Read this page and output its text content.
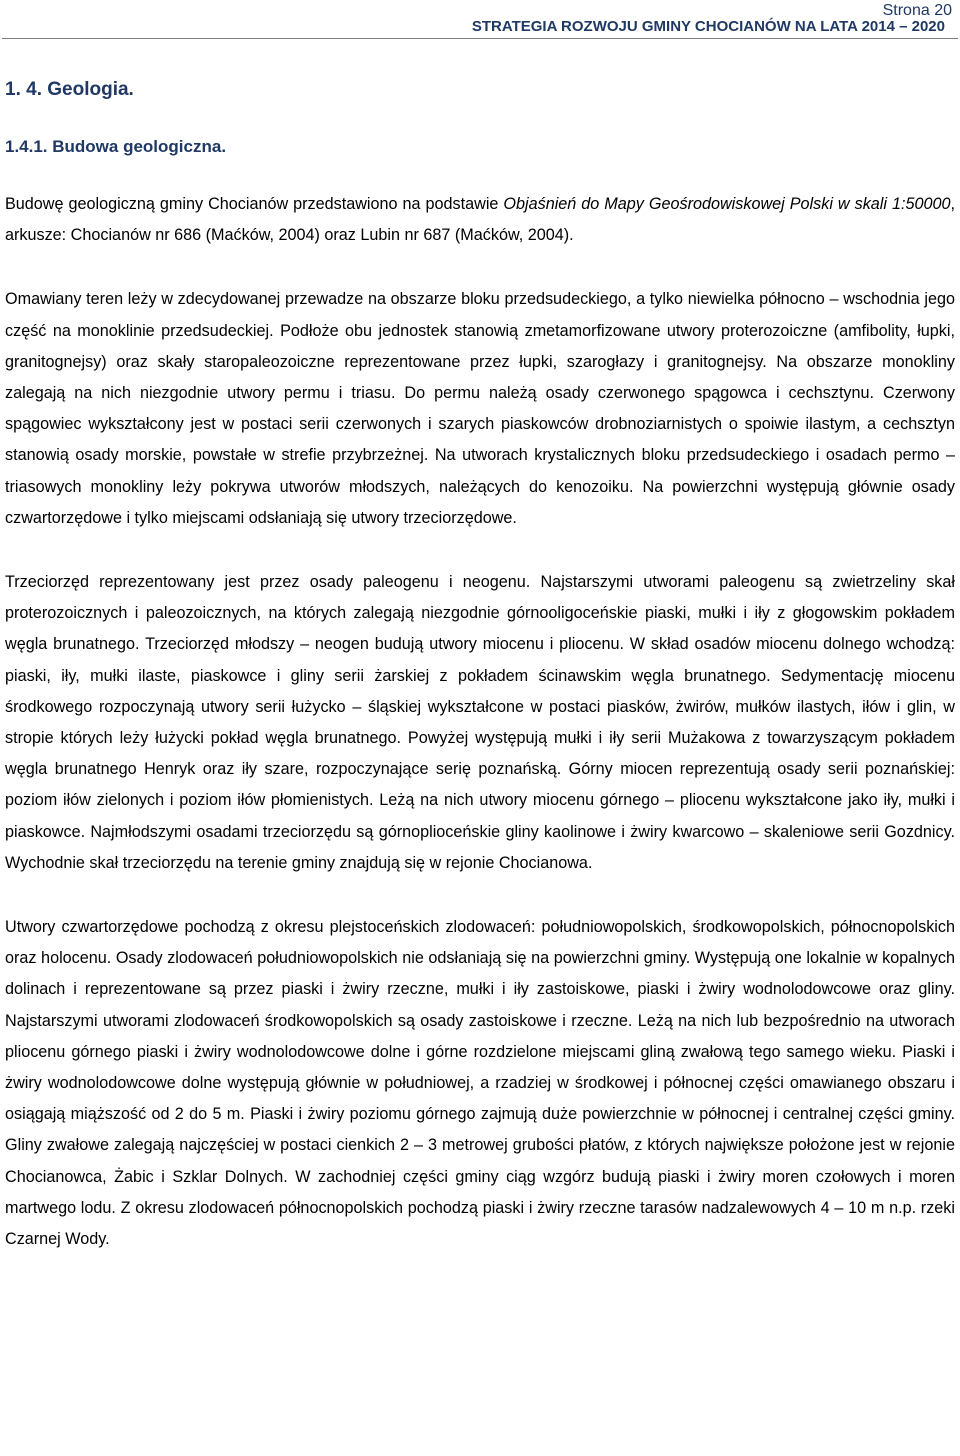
Strona 20
STRATEGIA ROZWOJU GMINY CHOCIANÓW NA LATA 2014 – 2020
1. 4. Geologia.
1.4.1. Budowa geologiczna.

Budowę geologiczną gminy Chocianów przedstawiono na podstawie Objaśnień do Mapy Geośrodowiskowej Polski w skali 1:50000, arkusze: Chocianów nr 686 (Maćków, 2004) oraz Lubin nr 687 (Maćków, 2004).

Omawiany teren leży w zdecydowanej przewadze na obszarze bloku przedsudeckiego, a tylko niewielka północno – wschodnia jego część na monoklinie przedsudeckiej. Podłoże obu jednostek stanowią zmetamorfizowane utwory proterozoiczne (amfibolity, łupki, granitognejsy) oraz skały staropaleozoiczne reprezentowane przez łupki, szarogłazy i granitognejsy. Na obszarze monokliny zalegają na nich niezgodnie utwory permu i triasu. Do permu należą osady czerwonego spągowca i cechsztynu. Czerwony spągowiec wykształcony jest w postaci serii czerwonych i szarych piaskowców drobnoziarnistych o spoiwie ilastym, a cechsztyn stanowią osady morskie, powstałe w strefie przybrzeżnej. Na utworach krystalicznych bloku przedsudeckiego i osadach permo – triasowych monokliny leży pokrywa utworów młodszych, należących do kenozoiku. Na powierzchni występują głównie osady czwartorzędowe i tylko miejscami odsłaniają się utwory trzeciorzędowe.

Trzeciorzęd reprezentowany jest przez osady paleogenu i neogenu. Najstarszymi utworami paleogenu są zwietrzeliny skał proterozoicznych i paleozoicznych, na których zalegają niezgodnie górnooligoceńskie piaski, mułki i iły z głogowskim pokładem węgla brunatnego. Trzeciorzęd młodszy – neogen budują utwory miocenu i pliocenu. W skład osadów miocenu dolnego wchodzą: piaski, iły, mułki ilaste, piaskowce i gliny serii żarskiej z pokładem ścinawskim węgla brunatnego. Sedymentację miocenu środkowego rozpoczynają utwory serii łużycko – śląskiej wykształcone w postaci piasków, żwirów, mułków ilastych, iłów i glin, w stropie których leży łużycki pokład węgla brunatnego. Powyżej występują mułki i iły serii Mużakowa z towarzyszącym pokładem węgla brunatnego Henryk oraz iły szare, rozpoczynające serię poznańską. Górny miocen reprezentują osady serii poznańskiej: poziom iłów zielonych i poziom iłów płomienistych. Leżą na nich utwory miocenu górnego – pliocenu wykształcone jako iły, mułki i piaskowce. Najmłodszymi osadami trzeciorzędu są górnoplioceńskie gliny kaolinowe i żwiry kwarcowo – skaleniowe serii Gozdnicy. Wychodnie skał trzeciorzędu na terenie gminy znajdują się w rejonie Chocianowa.

Utwory czwartorzędowe pochodzą z okresu plejstoceńskich zlodowaceń: południowopolskich, środkowopolskich, północnopolskich oraz holocenu. Osady zlodowaceń południowopolskich nie odsłaniają się na powierzchni gminy. Występują one lokalnie w kopalnych dolinach i reprezentowane są przez piaski i żwiry rzeczne, mułki i iły zastoiskowe, piaski i żwiry wodnolodowcowe oraz gliny. Najstarszymi utworami zlodowaceń środkowopolskich są osady zastoiskowe i rzeczne. Leżą na nich lub bezpośrednio na utworach pliocenu górnego piaski i żwiry wodnolodowcowe dolne i górne rozdzielone miejscami gliną zwałową tego samego wieku. Piaski i żwiry wodnolodowcowe dolne występują głównie w południowej, a rzadziej w środkowej i północnej części omawianego obszaru i osiągają miąższość od 2 do 5 m. Piaski i żwiry poziomu górnego zajmują duże powierzchnie w północnej i centralnej części gminy. Gliny zwałowe zalegają najczęściej w postaci cienkich 2 – 3 metrowej grubości płatów, z których największe położone jest w rejonie Chocianowca, Żabic i Szklar Dolnych. W zachodniej części gminy ciąg wzgórz budują piaski i żwiry moren czołowych i moren martwego lodu. Z okresu zlodowaceń północnopolskich pochodzą piaski i żwiry rzeczne tarasów nadzalewowych 4 – 10 m n.p. rzeki Czarnej Wody.
